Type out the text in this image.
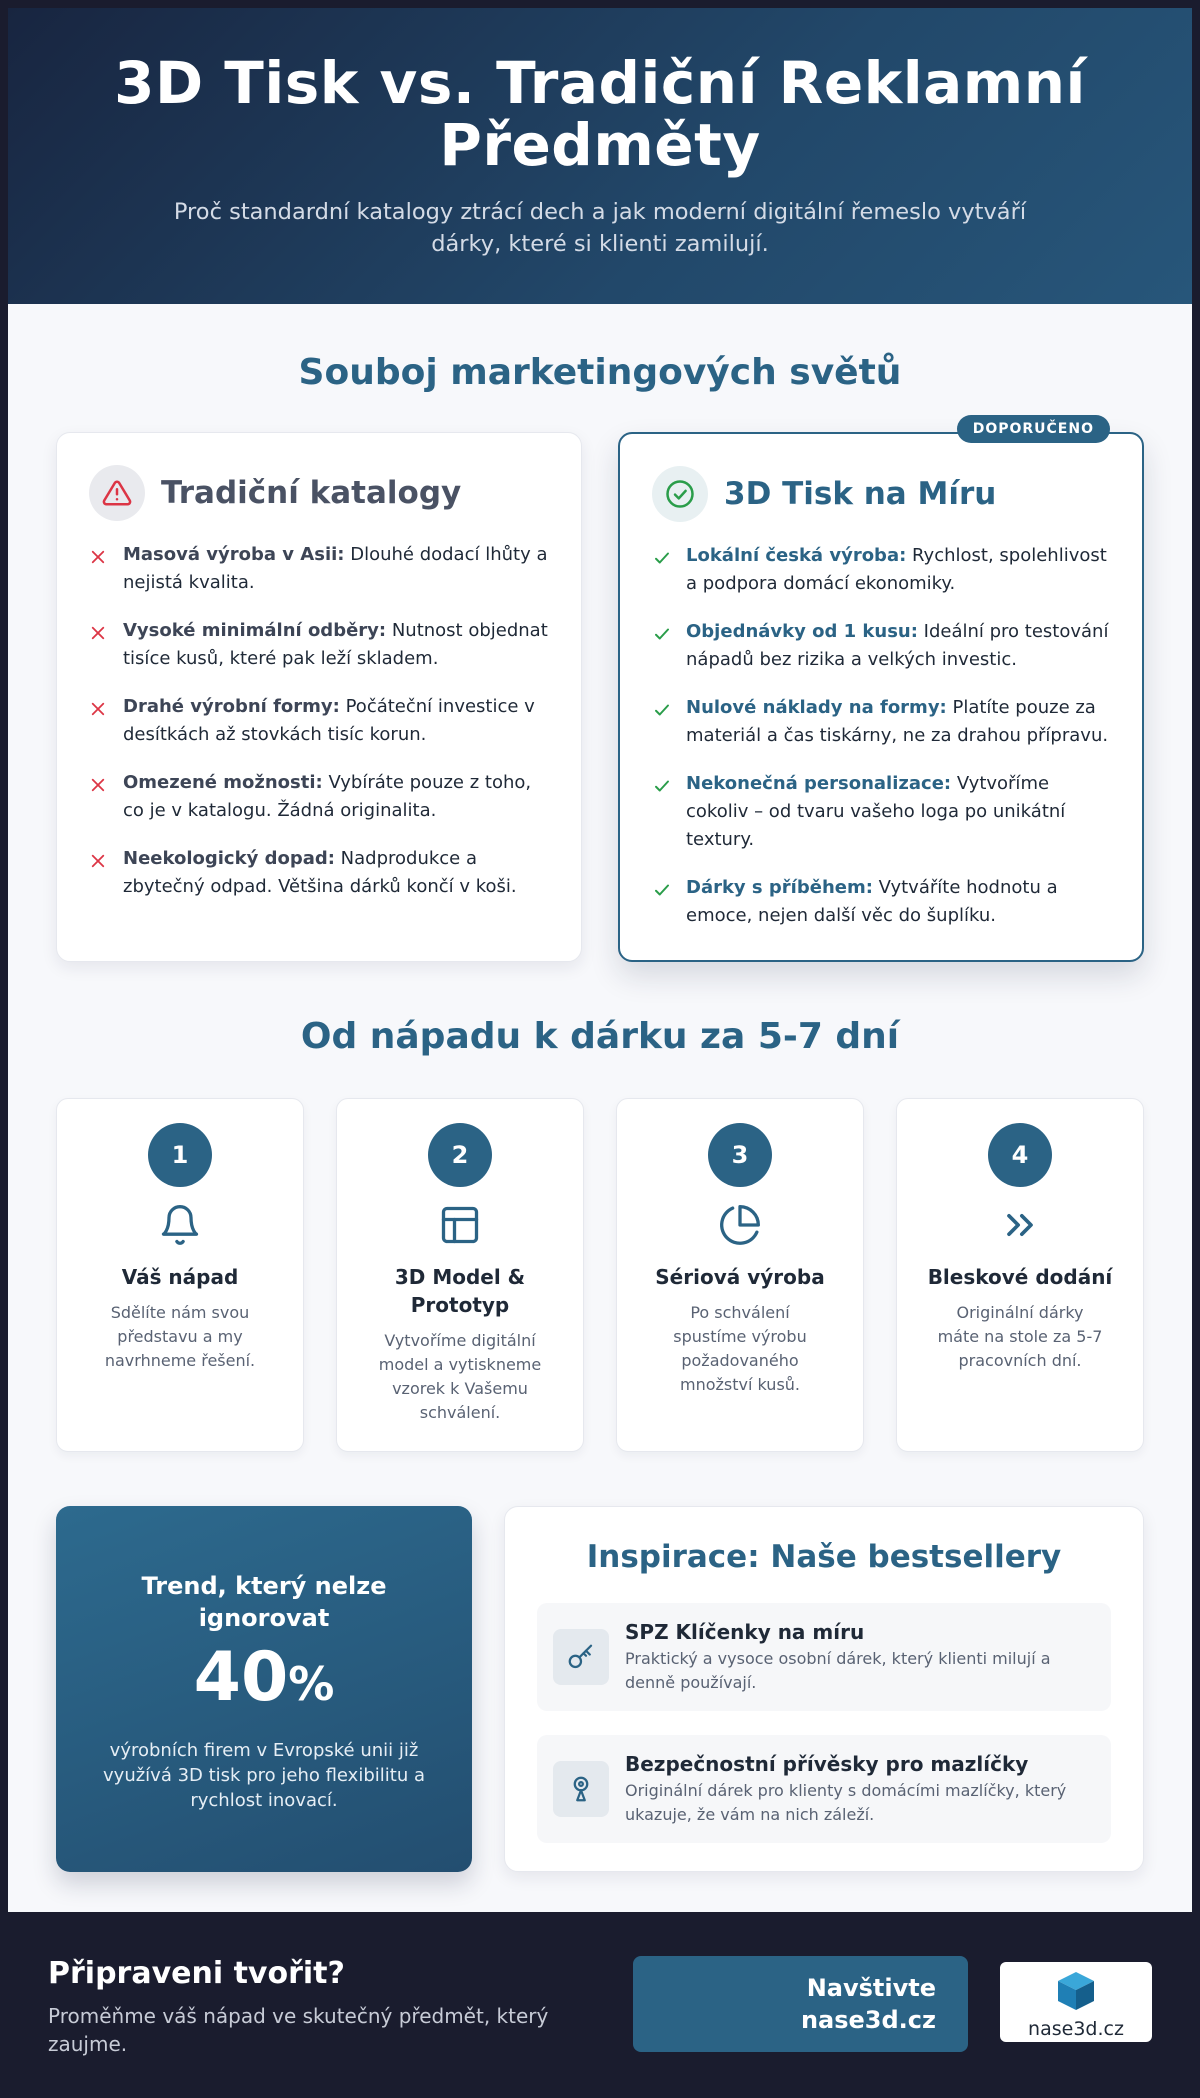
3D Tisk vs. Tradiční Reklamní
Předměty

Proč standardní katalogy ztrácí dech a jak moderní digitální řemeslo vytváří dárky, které si klienti zamilují.

Souboj marketingových světů
Tradiční katalogy
Masová výroba v Asii: Dlouhé dodací lhůty a nejistá kvalita.
Vysoké minimální odběry: Nutnost objednat tisíce kusů, které pak leží skladem.
Drahé výrobní formy: Počáteční investice v desítkách až stovkách tisíc korun.
Omezené možnosti: Vybíráte pouze z toho, co je v katalogu. Žádná originalita.
Neekologický dopad: Nadprodukce a zbytečný odpad. Většina dárků končí v koši.
DOPORUČENO
3D Tisk na Míru
Lokální česká výroba: Rychlost, spolehlivost a podpora domácí ekonomiky.
Objednávky od 1 kusu: Ideální pro testování nápadů bez rizika a velkých investic.
Nulové náklady na formy: Platíte pouze za materiál a čas tiskárny, ne za drahou přípravu.
Nekonečná personalizace: Vytvoříme cokoliv – od tvaru vašeho loga po unikátní textury.
Dárky s příběhem: Vytváříte hodnotu a emoce, nejen další věc do šuplíku.
Od nápadu k dárku za 5-7 dní
1
Váš nápad

Sdělíte nám svou představu a my navrhneme řešení.

2
3D Model & Prototyp

Vytvoříme digitální model a vytiskneme vzorek k Vašemu schválení.

3
Sériová výroba

Po schválení spustíme výrobu požadovaného množství kusů.

4
Bleskové dodání

Originální dárky máte na stole za 5-7 pracovních dní.

Trend, který nelze ignorovat
40%

výrobních firem v Evropské unii již využívá 3D tisk pro jeho flexibilitu a rychlost inovací.

Inspirace: Naše bestsellery
SPZ Klíčenky na míru

Praktický a vysoce osobní dárek, který klienti milují a denně používají.

Bezpečnostní přívěsky pro mazlíčky

Originální dárek pro klienty s domácími mazlíčky, který ukazuje, že vám na nich záleží.

Připraveni tvořit?

Proměňme váš nápad ve skutečný předmět, který zaujme.

Navštivte
nase3d.cz	nase3d.cz
